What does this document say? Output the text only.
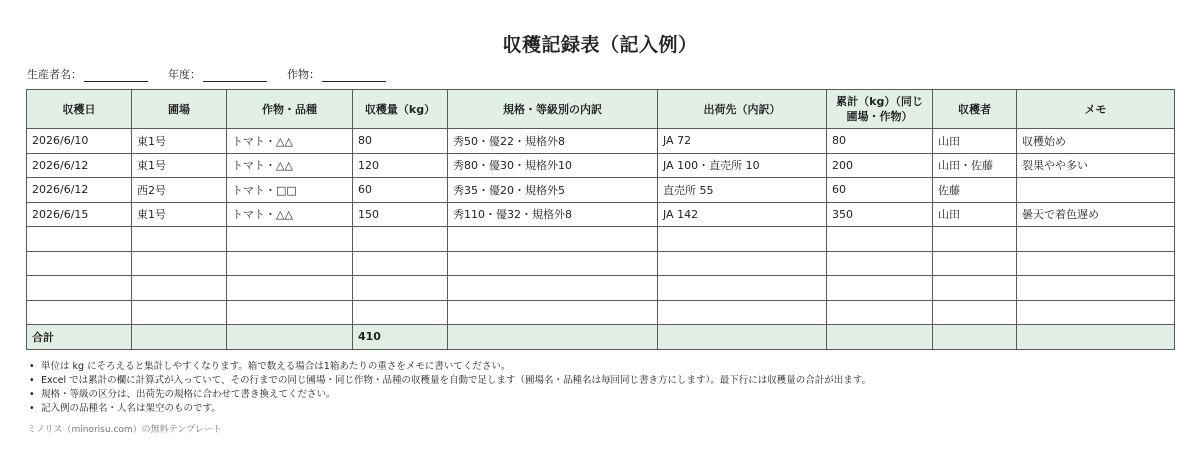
収穫記録表（記入例）
生産者名：	年度：	作物：
収穫日	圃場	作物・品種	収穫量（kg）	規格・等級別の内訳	出荷先（内訳）	累計（kg）（同じ圃場・作物）	収穫者	メモ
2026/6/10	東1号	トマト・△△	80	秀50・優22・規格外8	JA 72	80	山田	収穫始め
2026/6/12	東1号	トマト・△△	120	秀80・優30・規格外10	JA 100・直売所 10	200	山田・佐藤	裂果やや多い
2026/6/12	西2号	トマト・□□	60	秀35・優20・規格外5	直売所 55	60	佐藤	
2026/6/15	東1号	トマト・△△	150	秀110・優32・規格外8	JA 142	350	山田	曇天で着色遅め

合計			410					
• 単位は kg にそろえると集計しやすくなります。箱で数える場合は1箱あたりの重さをメモに書いてください。
• Excel では累計の欄に計算式が入っていて、その行までの同じ圃場・同じ作物・品種の収穫量を自動で足します（圃場名・品種名は毎回同じ書き方にします）。最下行には収穫量の合計が出ます。
• 規格・等級の区分は、出荷先の規格に合わせて書き換えてください。
• 記入例の品種名・人名は架空のものです。
ミノリス（minorisu.com）の無料テンプレート
